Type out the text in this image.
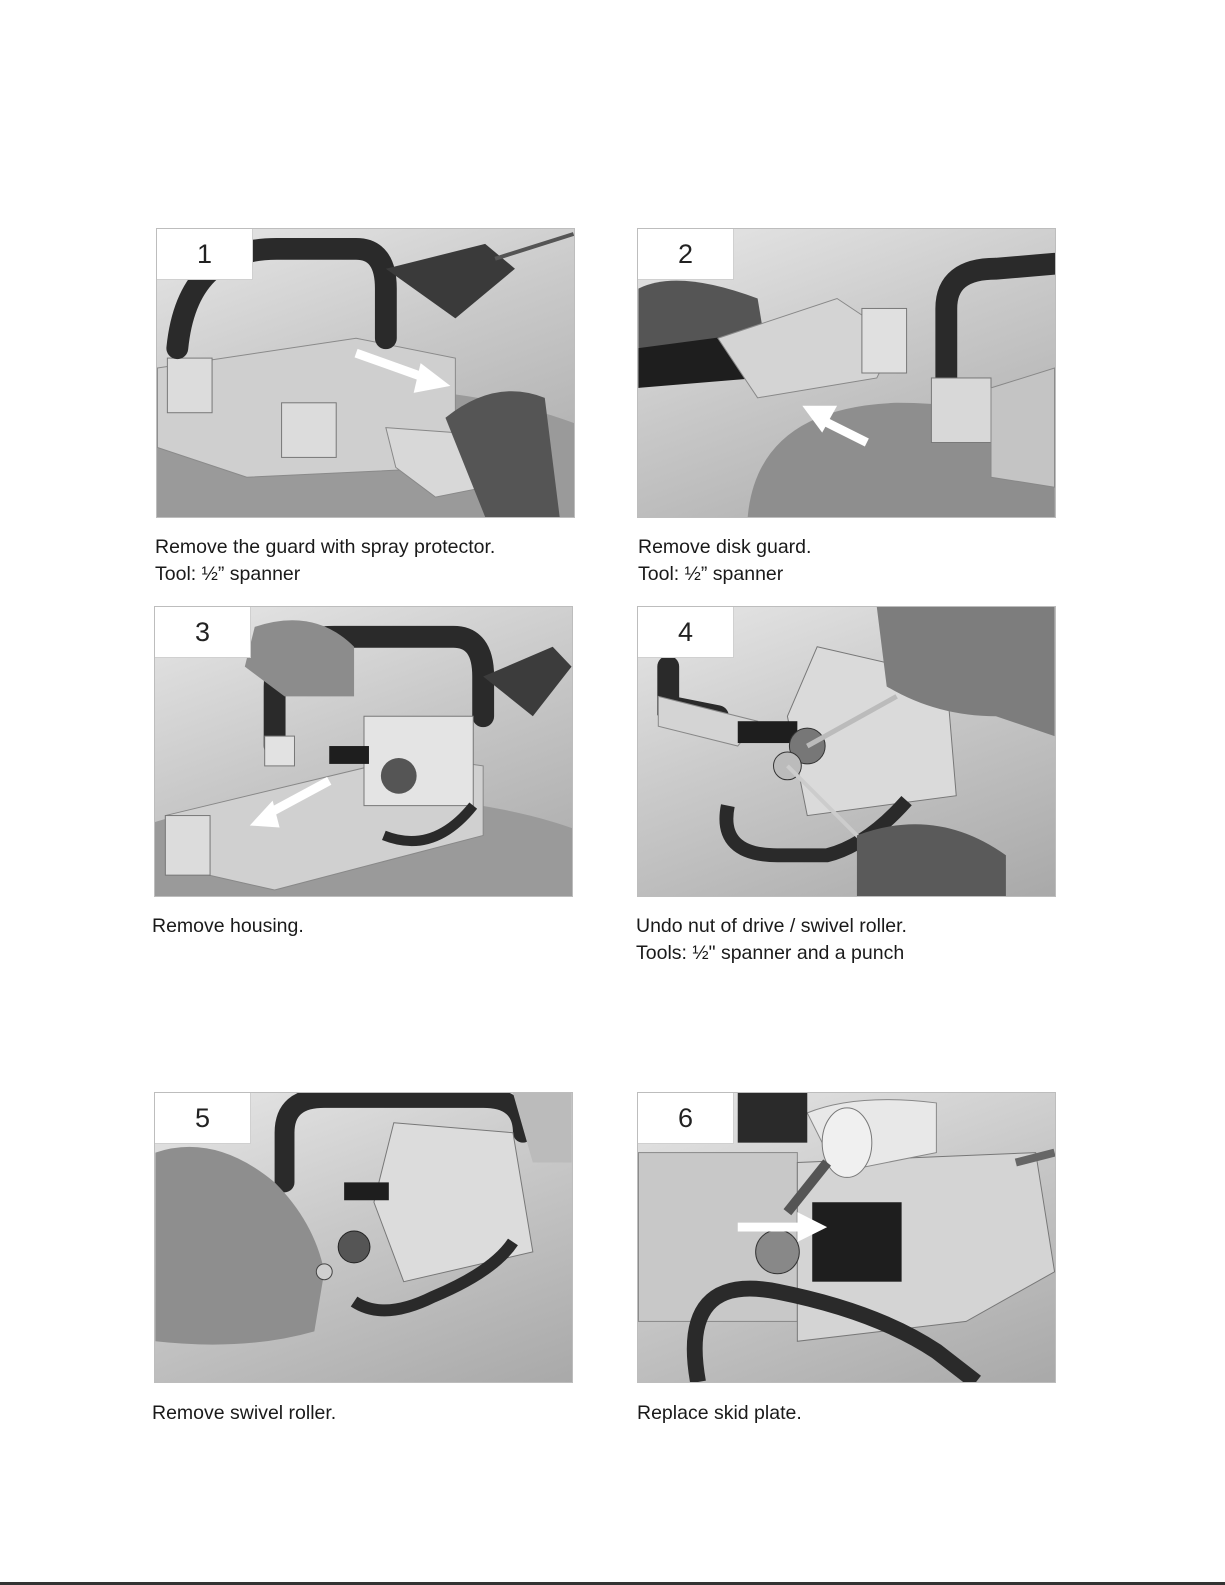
1
Remove the guard with spray protector.
Tool: ½” spanner
2
Remove disk guard.
Tool: ½” spanner
3
Remove housing.
4
Undo nut of drive / swivel roller.
Tools: ½" spanner and a punch
5
Remove swivel roller.
6
Replace skid plate.
